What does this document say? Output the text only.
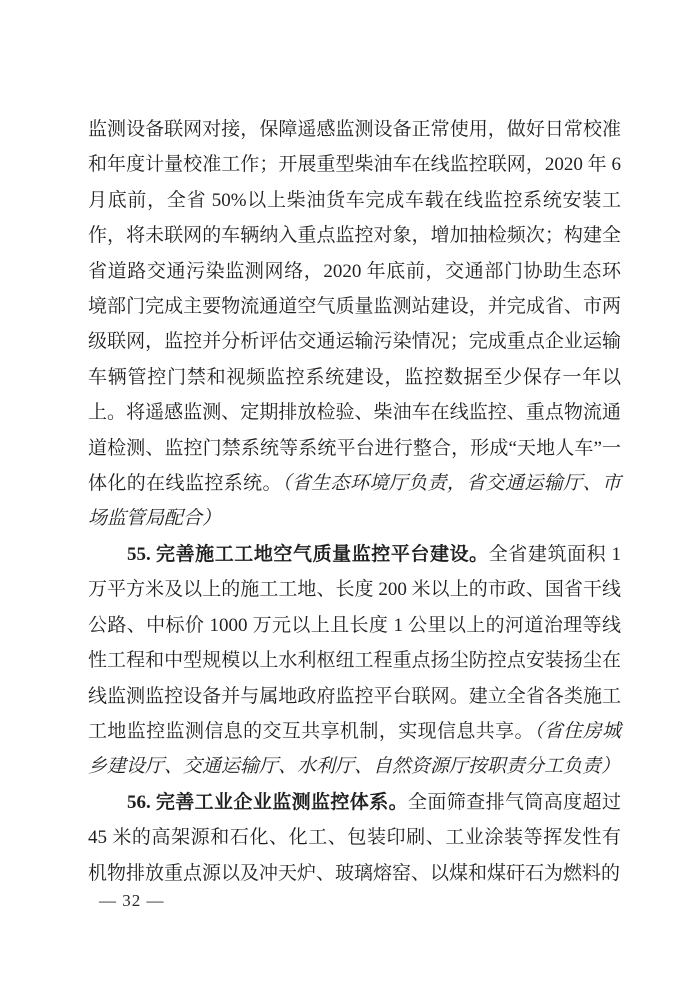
监测设备联网对接，保障遥感监测设备正常使用，做好日常校准和年度计量校准工作；开展重型柴油车在线监控联网，2020 年 6 月底前，全省 50%以上柴油货车完成车载在线监控系统安装工作，将未联网的车辆纳入重点监控对象，增加抽检频次；构建全省道路交通污染监测网络，2020 年底前，交通部门协助生态环境部门完成主要物流通道空气质量监测站建设，并完成省、市两级联网，监控并分析评估交通运输污染情况；完成重点企业运输车辆管控门禁和视频监控系统建设，监控数据至少保存一年以上。将遥感监测、定期排放检验、柴油车在线监控、重点物流通道检测、监控门禁系统等系统平台进行整合，形成“天地人车”一体化的在线监控系统。（省生态环境厅负责，省交通运输厅、市场监管局配合）

55. 完善施工工地空气质量监控平台建设。全省建筑面积 1 万平方米及以上的施工工地、长度 200 米以上的市政、国省干线公路、中标价 1000 万元以上且长度 1 公里以上的河道治理等线性工程和中型规模以上水利枢纽工程重点扬尘防控点安装扬尘在线监测监控设备并与属地政府监控平台联网。建立全省各类施工工地监控监测信息的交互共享机制，实现信息共享。（省住房城乡建设厅、交通运输厅、水利厅、自然资源厅按职责分工负责）

56. 完善工业企业监测监控体系。全面筛查排气筒高度超过 45 米的高架源和石化、化工、包装印刷、工业涂装等挥发性有机物排放重点源以及冲天炉、玻璃熔窑、以煤和煤矸石为燃料的

— 32 —
